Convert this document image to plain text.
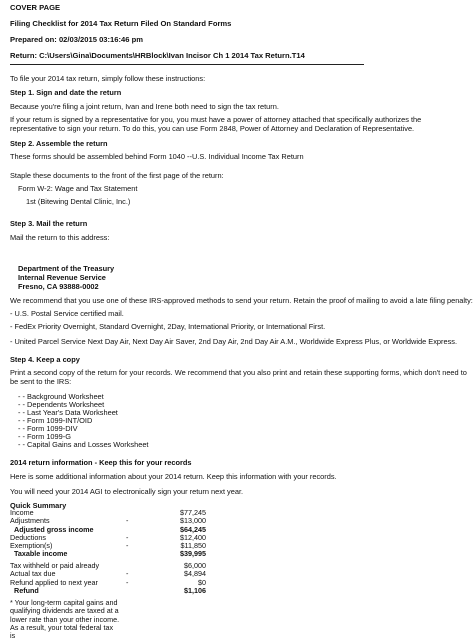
COVER PAGE
Filing Checklist for 2014 Tax Return Filed On Standard Forms
Prepared on: 02/03/2015 03:16:46 pm
Return: C:\Users\Gina\Documents\HRBlock\Ivan Incisor Ch 1 2014 Tax Return.T14
To file your 2014 tax return, simply follow these instructions:
Step 1. Sign and date the return
Because you're filing a joint return, Ivan and Irene both need to sign the tax return.
If your return is signed by a representative for you, you must have a power of attorney attached that specifically authorizes the representative to sign your return. To do this, you can use Form 2848, Power of Attorney and Declaration of Representative.
Step 2. Assemble the return
These forms should be assembled behind Form 1040 --U.S. Individual Income Tax Return
Staple these documents to the front of the first page of the return:
Form W-2: Wage and Tax Statement
1st (Bitewing Dental Clinic, Inc.)
Step 3. Mail the return
Mail the return to this address:
Department of the Treasury
Internal Revenue Service
Fresno, CA 93888-0002
We recommend that you use one of these IRS-approved methods to send your return. Retain the proof of mailing to avoid a late filing penalty:
- U.S. Postal Service certified mail.
- FedEx Priority Overnight, Standard Overnight, 2Day, International Priority, or International First.
- United Parcel Service Next Day Air, Next Day Air Saver, 2nd Day Air, 2nd Day Air A.M., Worldwide Express Plus, or Worldwide Express.
Step 4. Keep a copy
Print a second copy of the return for your records. We recommend that you also print and retain these supporting forms, which don't need to be sent to the IRS:
- - Background Worksheet
- - Dependents Worksheet
- - Last Year's Data Worksheet
- - Form 1099-INT/OID
- - Form 1099-DIV
- - Form 1099-G
- - Capital Gains and Losses Worksheet
2014 return information - Keep this for your records
Here is some additional information about your 2014 return. Keep this information with your records.
You will need your 2014 AGI to electronically sign your return next year.
Quick Summary
Income	$77,245
Adjustments	-	$13,000
Adjusted gross income	$64,245
Deductions	-	$12,400
Exemption(s)	-	$11,850
Taxable income	$39,995
Tax withheld or paid already	$6,000
Actual tax due	-	$4,894
Refund applied to next year	-	$0
Refund	$1,106
* Your long-term capital gains and qualifying dividends are taxed at a lower rate than your other income. As a result, your total federal tax is
